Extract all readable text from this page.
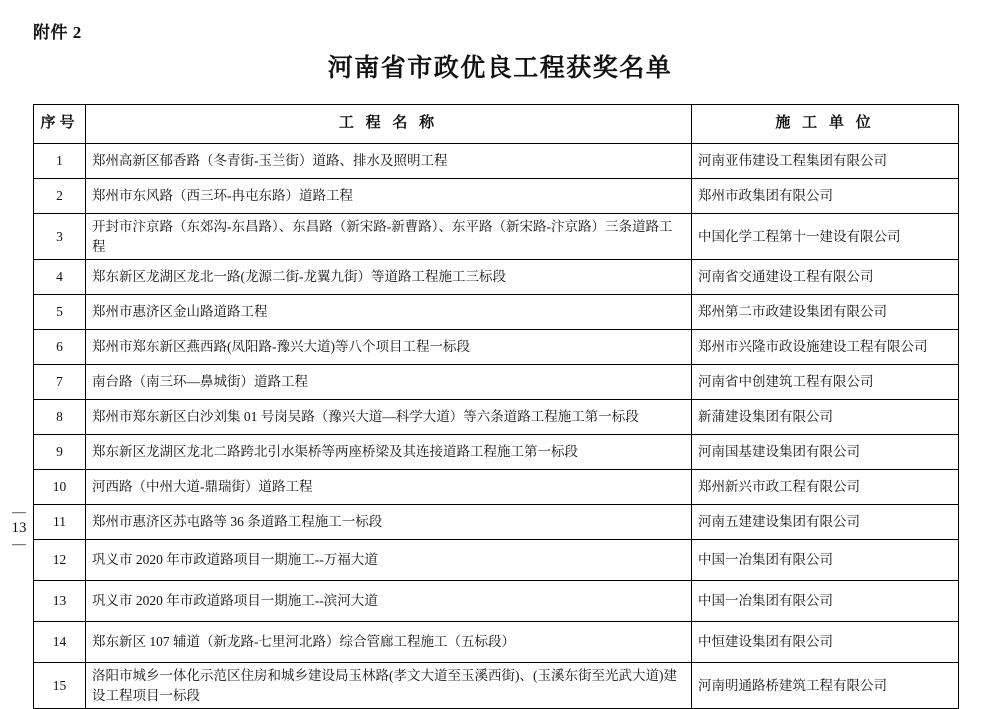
附件 2
河南省市政优良工程获奖名单
序号	工 程 名 称	施 工 单 位
1	郑州高新区郁香路（冬青街-玉兰街）道路、排水及照明工程	河南亚伟建设工程集团有限公司
2	郑州市东风路（西三环-冉屯东路）道路工程	郑州市政集团有限公司
3	开封市汴京路（东郊沟-东昌路）、东昌路（新宋路-新曹路）、东平路（新宋路-汴京路）三条道路工程	中国化学工程第十一建设有限公司
4	郑东新区龙湖区龙北一路(龙源二街-龙翼九街）等道路工程施工三标段	河南省交通建设工程有限公司
5	郑州市惠济区金山路道路工程	郑州第二市政建设集团有限公司
6	郑州市郑东新区燕西路(凤阳路-豫兴大道)等八个项目工程一标段	郑州市兴隆市政设施建设工程有限公司
7	南台路（南三环—鼻城街）道路工程	河南省中创建筑工程有限公司
8	郑州市郑东新区白沙刘集 01 号岗吴路（豫兴大道—科学大道）等六条道路工程施工第一标段	新蒲建设集团有限公司
9	郑东新区龙湖区龙北二路跨北引水渠桥等两座桥梁及其连接道路工程施工第一标段	河南国基建设集团有限公司
10	河西路（中州大道-鼎瑞街）道路工程	郑州新兴市政工程有限公司
11	郑州市惠济区苏屯路等 36 条道路工程施工一标段	河南五建建设集团有限公司
12	巩义市 2020 年市政道路项目一期施工--万福大道	中国一冶集团有限公司
13	巩义市 2020 年市政道路项目一期施工--滨河大道	中国一冶集团有限公司
14	郑东新区 107 辅道（新龙路-七里河北路）综合管廊工程施工（五标段）	中恒建设集团有限公司
15	洛阳市城乡一体化示范区住房和城乡建设局玉林路(孝文大道至玉溪西街)、(玉溪东街至光武大道)建设工程项目一标段	河南明通路桥建筑工程有限公司
—
13
—
